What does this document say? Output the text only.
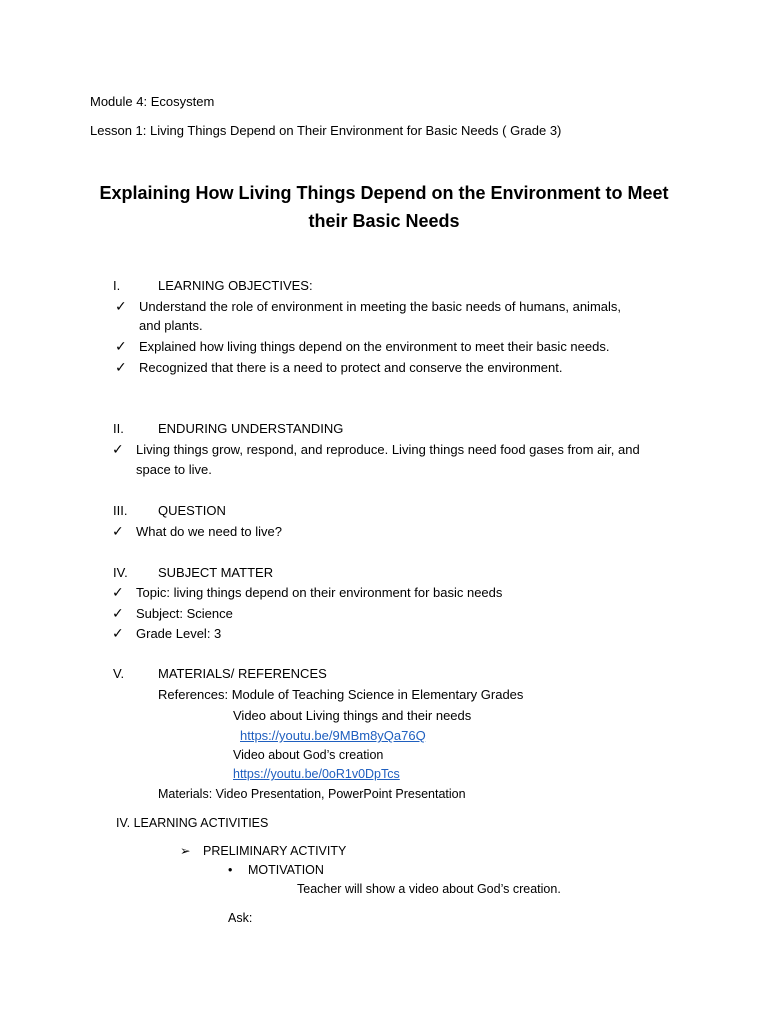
Module 4: Ecosystem
Lesson 1: Living Things Depend on Their Environment for Basic Needs ( Grade 3)
Explaining How Living Things Depend on the Environment to Meet
their Basic Needs
I.	LEARNING OBJECTIVES:
✓ Understand the role of environment in meeting the basic needs of humans, animals,
and plants.
✓ Explained how living things depend on the environment to meet their basic needs.
✓ Recognized that there is a need to protect and conserve the environment.
II.	ENDURING UNDERSTANDING
✓ Living things grow, respond, and reproduce. Living things need food gases from air, and
space to live.
III. QUESTION
✓ What do we need to live?
IV. SUBJECT MATTER
✓ Topic: living things depend on their environment for basic needs
✓ Subject: Science
✓ Grade Level: 3
V.	MATERIALS/ REFERENCES
References: Module of Teaching Science in Elementary Grades
Video about Living things and their needs
https://youtu.be/9MBm8yQa76Q
Video about God’s creation
https://youtu.be/0oR1v0DpTcs
Materials: Video Presentation, PowerPoint Presentation
IV. LEARNING ACTIVITIES
➢ PRELIMINARY ACTIVITY
• MOTIVATION
Teacher will show a video about God’s creation.
Ask:
